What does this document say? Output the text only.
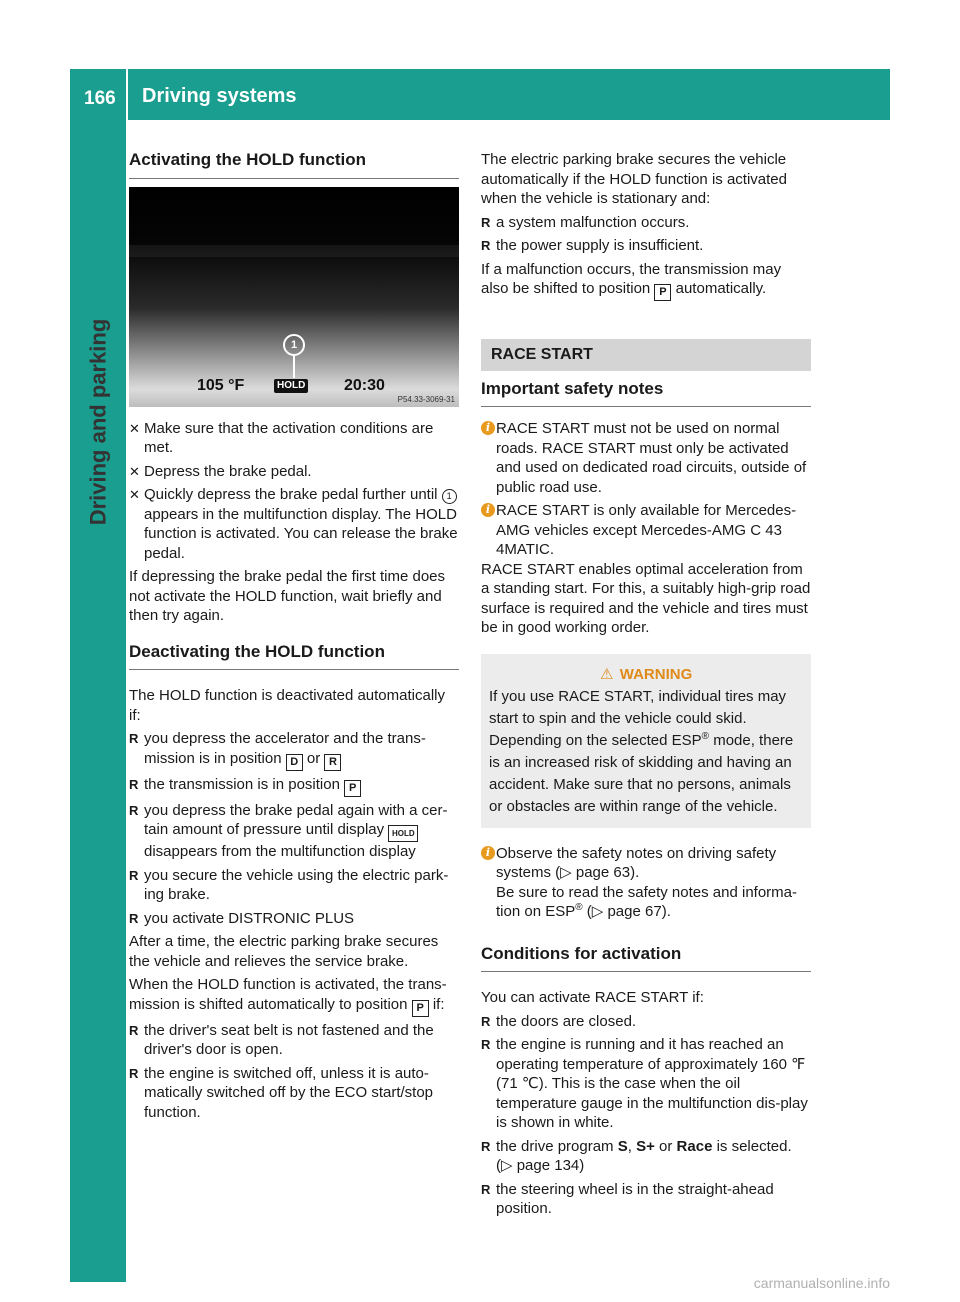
166 Driving systems
Driving and parking
Activating the HOLD function
1
105 °F	HOLD 20:30
P54.33-3069-31
✕ Make sure that the activation conditions are met.
✕ Depress the brake pedal.
✕ Quickly depress the brake pedal further until 1 appears in the multifunction display. The HOLD function is activated. You can release the brake pedal.

If depressing the brake pedal the first time does not activate the HOLD function, wait briefly and then try again.

Deactivating the HOLD function

The HOLD function is deactivated automatically if:

R you depress the accelerator and the trans-mission is in position D or R
R the transmission is in position P
R you depress the brake pedal again with a cer-tain amount of pressure until display HOLD disappears from the multifunction display
R you secure the vehicle using the electric park-ing brake.
R you activate DISTRONIC PLUS

After a time, the electric parking brake secures the vehicle and relieves the service brake.

When the HOLD function is activated, the trans-mission is shifted automatically to position P if:

R the driver's seat belt is not fastened and the driver's door is open.
R the engine is switched off, unless it is auto-matically switched off by the ECO start/stop function.

The electric parking brake secures the vehicle automatically if the HOLD function is activated when the vehicle is stationary and:

R a system malfunction occurs.
R the power supply is insufficient.

If a malfunction occurs, the transmission may also be shifted to position P automatically.

RACE START
Important safety notes
i RACE START must not be used on normal roads. RACE START must only be activated and used on dedicated road circuits, outside of public road use.
i RACE START is only available for Mercedes-AMG vehicles except Mercedes-AMG C 43 4MATIC.

RACE START enables optimal acceleration from a standing start. For this, a suitably high-grip road surface is required and the vehicle and tires must be in good working order.

⚠ WARNING

If you use RACE START, individual tires may start to spin and the vehicle could skid.

Depending on the selected ESP® mode, there is an increased risk of skidding and having an accident. Make sure that no persons, animals or obstacles are within range of the vehicle.

i Observe the safety notes on driving safety systems (▷ page 63).
Be sure to read the safety notes and informa-tion on ESP® (▷ page 67).
Conditions for activation

You can activate RACE START if:

R the doors are closed.
R the engine is running and it has reached an operating temperature of approximately 160 ℉ (71 ℃). This is the case when the oil temperature gauge in the multifunction dis-play is shown in white.
R the drive program S, S+ or Race is selected.
(▷ page 134)
R the steering wheel is in the straight-ahead position.
carmanualsonline.info
